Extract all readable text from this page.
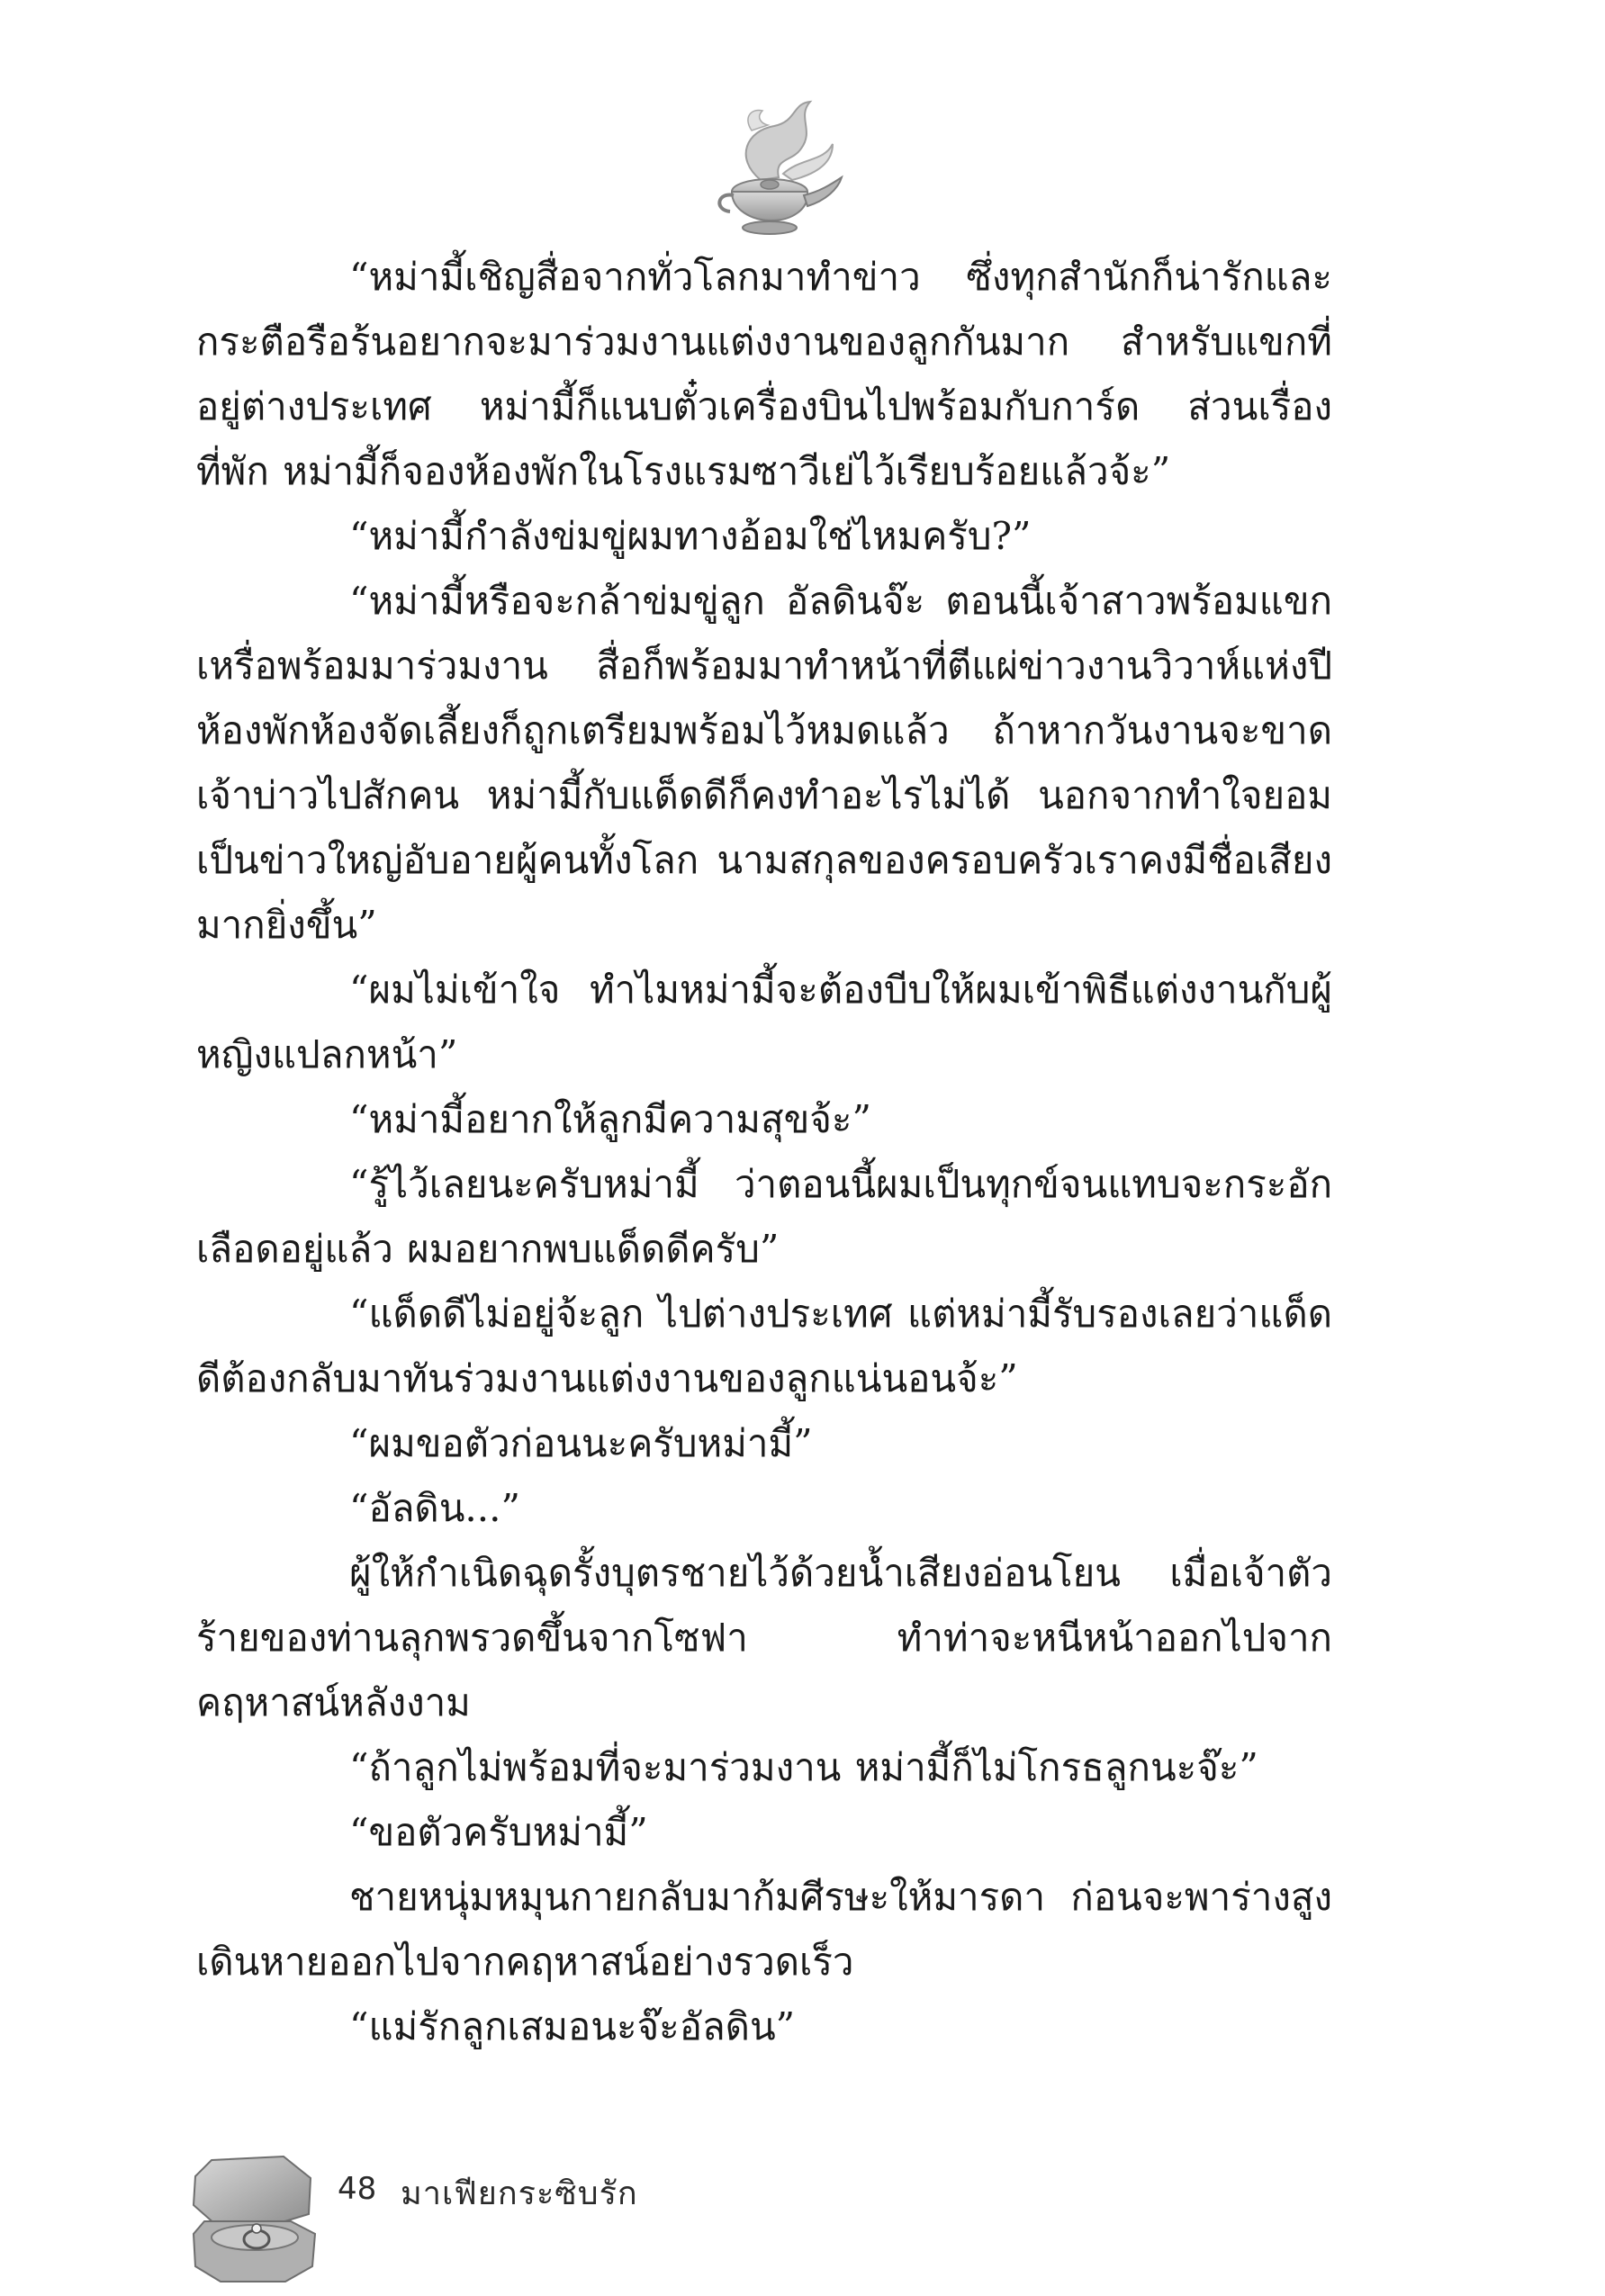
“หม่ามี้เชิญสื่อจากทั่วโลกมาทำข่าว ซึ่งทุกสำนักก็น่ารักและกระตือรือร้นอยากจะมาร่วมงานแต่งงานของลูกกันมาก สำหรับแขกที่อยู่ต่างประเทศ หม่ามี้ก็แนบตั๋วเครื่องบินไปพร้อมกับการ์ด ส่วนเรื่องที่พัก หม่ามี้ก็จองห้องพักในโรงแรมซาวีเย่ไว้เรียบร้อยแล้วจ้ะ”

“หม่ามี้กำลังข่มขู่ผมทางอ้อมใช่ไหมครับ?”

“หม่ามี้หรือจะกล้าข่มขู่ลูก อัลดินจ๊ะ ตอนนี้เจ้าสาวพร้อมแขกเหรื่อพร้อมมาร่วมงาน สื่อก็พร้อมมาทำหน้าที่ตีแผ่ข่าวงานวิวาห์แห่งปี ห้องพักห้องจัดเลี้ยงก็ถูกเตรียมพร้อมไว้หมดแล้ว ถ้าหากวันงานจะขาดเจ้าบ่าวไปสักคน หม่ามี้กับแด็ดดีก็คงทำอะไรไม่ได้ นอกจากทำใจยอมเป็นข่าวใหญ่อับอายผู้คนทั้งโลก นามสกุลของครอบครัวเราคงมีชื่อเสียงมากยิ่งขึ้น”

“ผมไม่เข้าใจ ทำไมหม่ามี้จะต้องบีบให้ผมเข้าพิธีแต่งงานกับผู้หญิงแปลกหน้า”

“หม่ามี้อยากให้ลูกมีความสุขจ้ะ”

“รู้ไว้เลยนะครับหม่ามี้ ว่าตอนนี้ผมเป็นทุกข์จนแทบจะกระอักเลือดอยู่แล้ว ผมอยากพบแด็ดดีครับ”

“แด็ดดีไม่อยู่จ้ะลูก ไปต่างประเทศ แต่หม่ามี้รับรองเลยว่าแด็ดดีต้องกลับมาทันร่วมงานแต่งงานของลูกแน่นอนจ้ะ”

“ผมขอตัวก่อนนะครับหม่ามี้”

“อัลดิน...”

ผู้ให้กำเนิดฉุดรั้งบุตรชายไว้ด้วยน้ำเสียงอ่อนโยน เมื่อเจ้าตัวร้ายของท่านลุกพรวดขึ้นจากโซฟา ทำท่าจะหนีหน้าออกไปจากคฤหาสน์หลังงาม

“ถ้าลูกไม่พร้อมที่จะมาร่วมงาน หม่ามี้ก็ไม่โกรธลูกนะจ๊ะ”

“ขอตัวครับหม่ามี้”

ชายหนุ่มหมุนกายกลับมาก้มศีรษะให้มารดา ก่อนจะพาร่างสูงเดินหายออกไปจากคฤหาสน์อย่างรวดเร็ว

“แม่รักลูกเสมอนะจ๊ะอัลดิน”

48 มาเฟียกระซิบรัก
